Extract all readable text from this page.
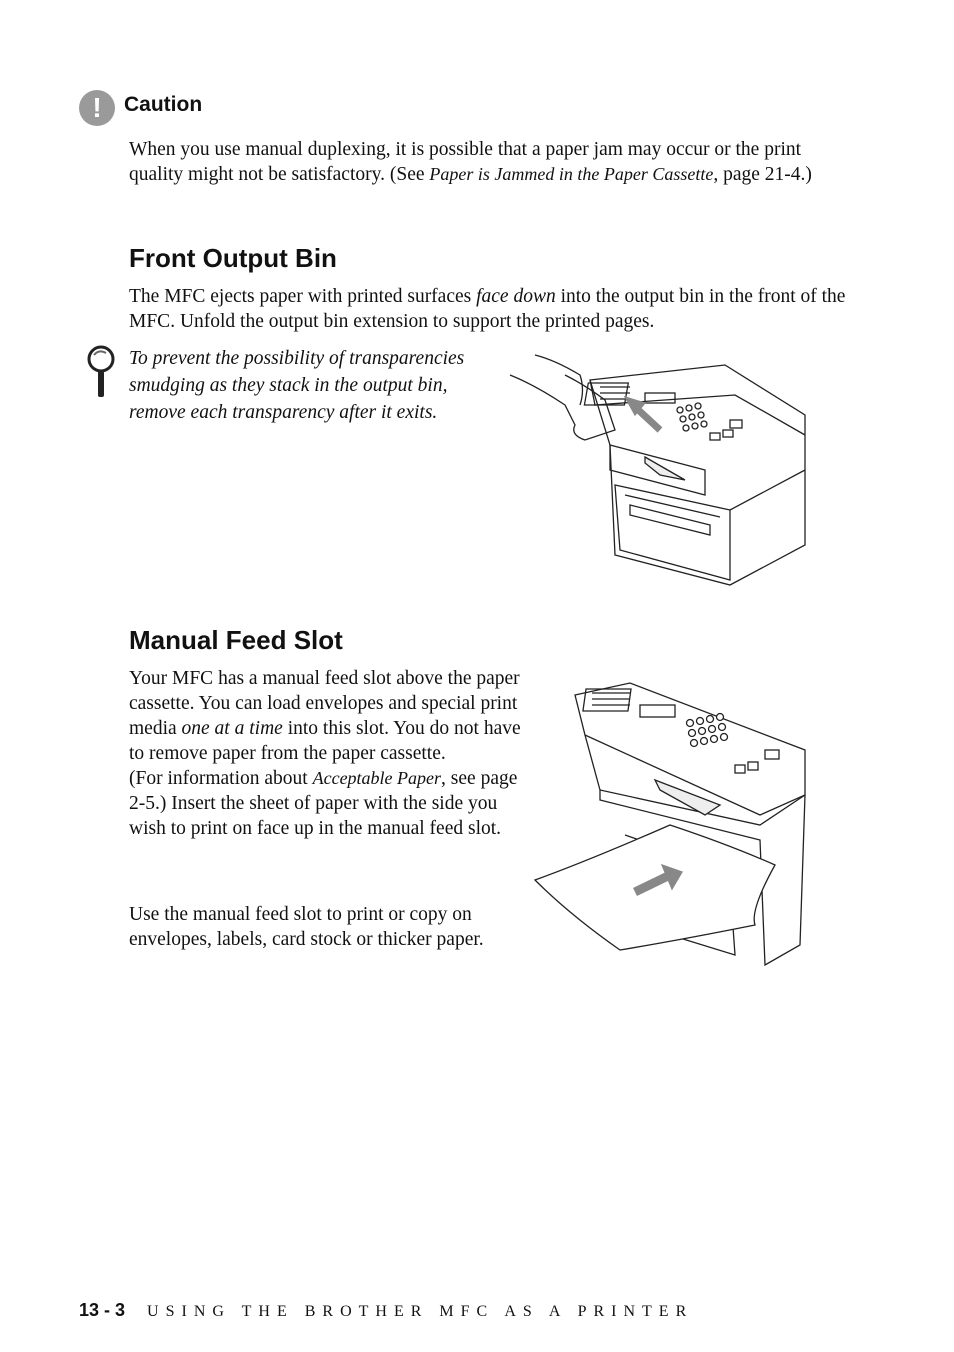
!	Caution
When you use manual duplexing, it is possible that a paper jam may occur or the print quality might not be satisfactory. (See Paper is Jammed in the Paper Cassette, page 21-4.)
Front Output Bin
The MFC ejects paper with printed surfaces face down into the output bin in the front of the MFC. Unfold the output bin extension to support the printed pages.
To prevent the possibility of transparencies smudging as they stack in the output bin, remove each transparency after it exits.
Manual Feed Slot
Your MFC has a manual feed slot above the paper cassette. You can load envelopes and special print media one at a time into this slot. You do not have to remove paper from the paper cassette.
(For information about Acceptable Paper, see page 2-5.) Insert the sheet of paper with the side you wish to print on face up in the manual feed slot.
Use the manual feed slot to print or copy on envelopes, labels, card stock or thicker paper.
13 - 3 USING THE BROTHER MFC AS A PRINTER
